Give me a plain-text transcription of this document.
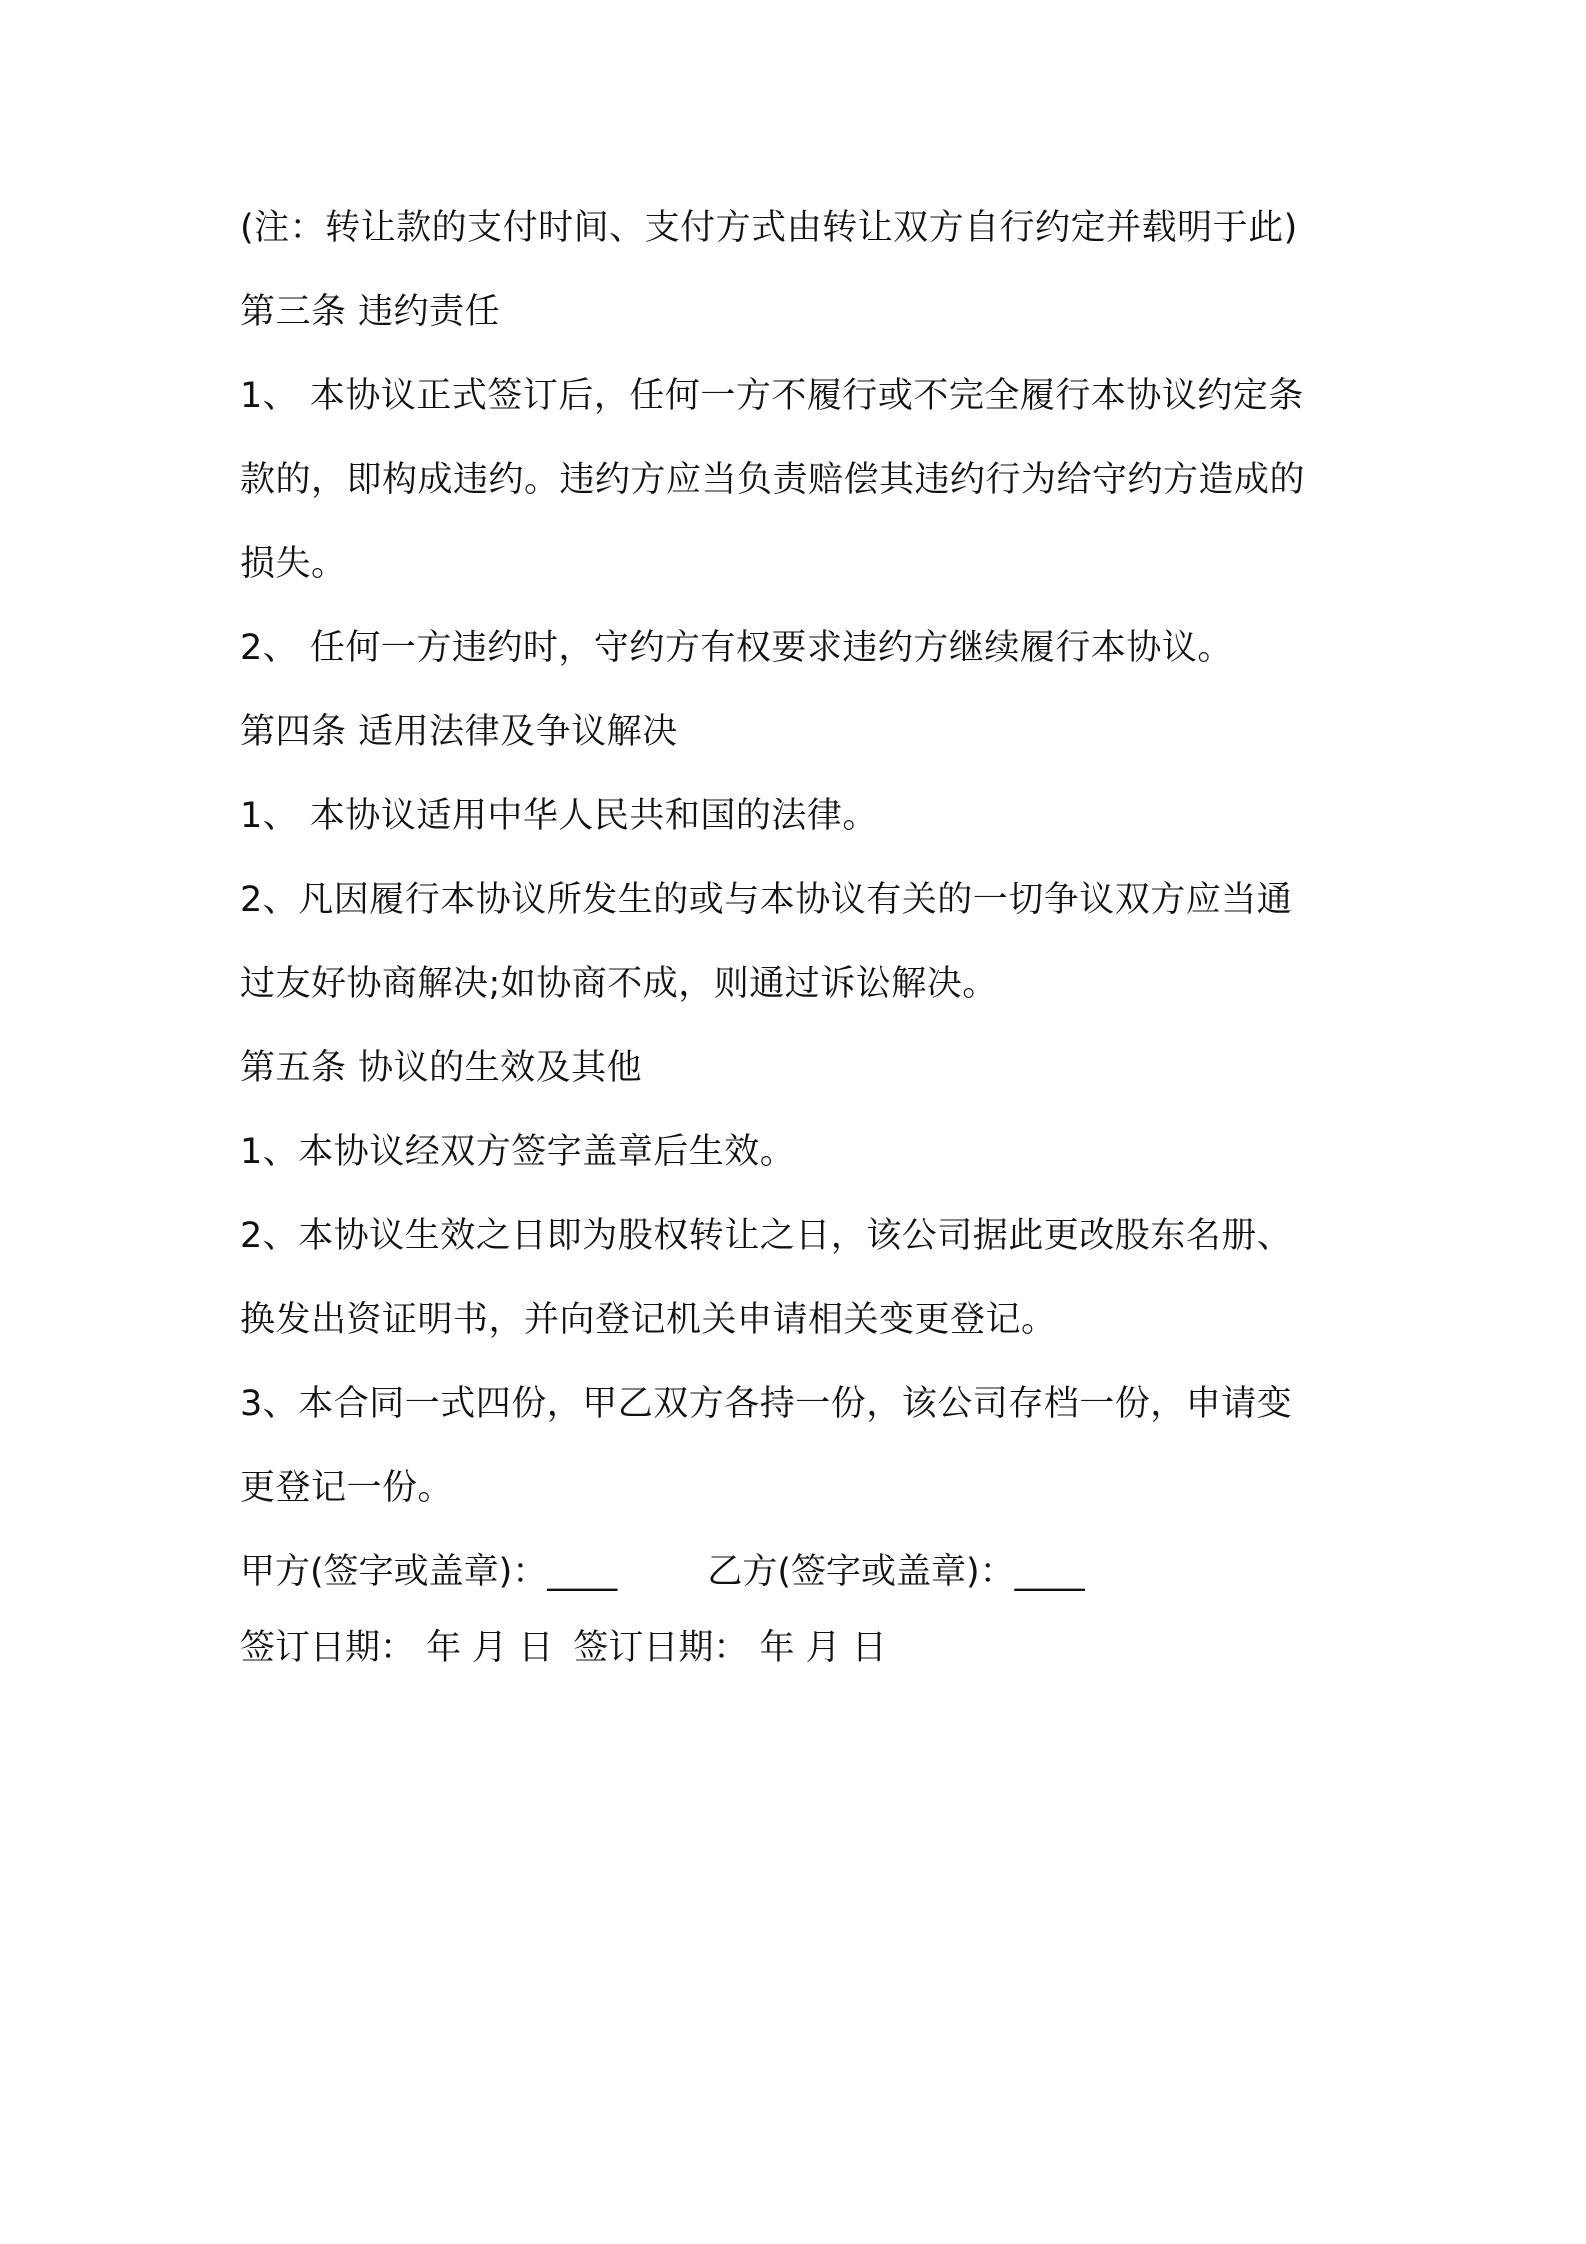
(注：转让款的支付时间、支付方式由转让双方自行约定并载明于此)
第三条 违约责任
1、 本协议正式签订后，任何一方不履行或不完全履行本协议约定条
款的，即构成违约。违约方应当负责赔偿其违约行为给守约方造成的
损失。
2、 任何一方违约时，守约方有权要求违约方继续履行本协议。
第四条 适用法律及争议解决
1、 本协议适用中华人民共和国的法律。
2、凡因履行本协议所发生的或与本协议有关的一切争议双方应当通
过友好协商解决;如协商不成，则通过诉讼解决。
第五条 协议的生效及其他
1、本协议经双方签字盖章后生效。
2、本协议生效之日即为股权转让之日，该公司据此更改股东名册、
换发出资证明书，并向登记机关申请相关变更登记。
3、本合同一式四份，甲乙双方各持一份，该公司存档一份，申请变
更登记一份。
甲方(签字或盖章)：____	乙方(签字或盖章)：____
签订日期： 年 月 日 签订日期： 年 月 日
